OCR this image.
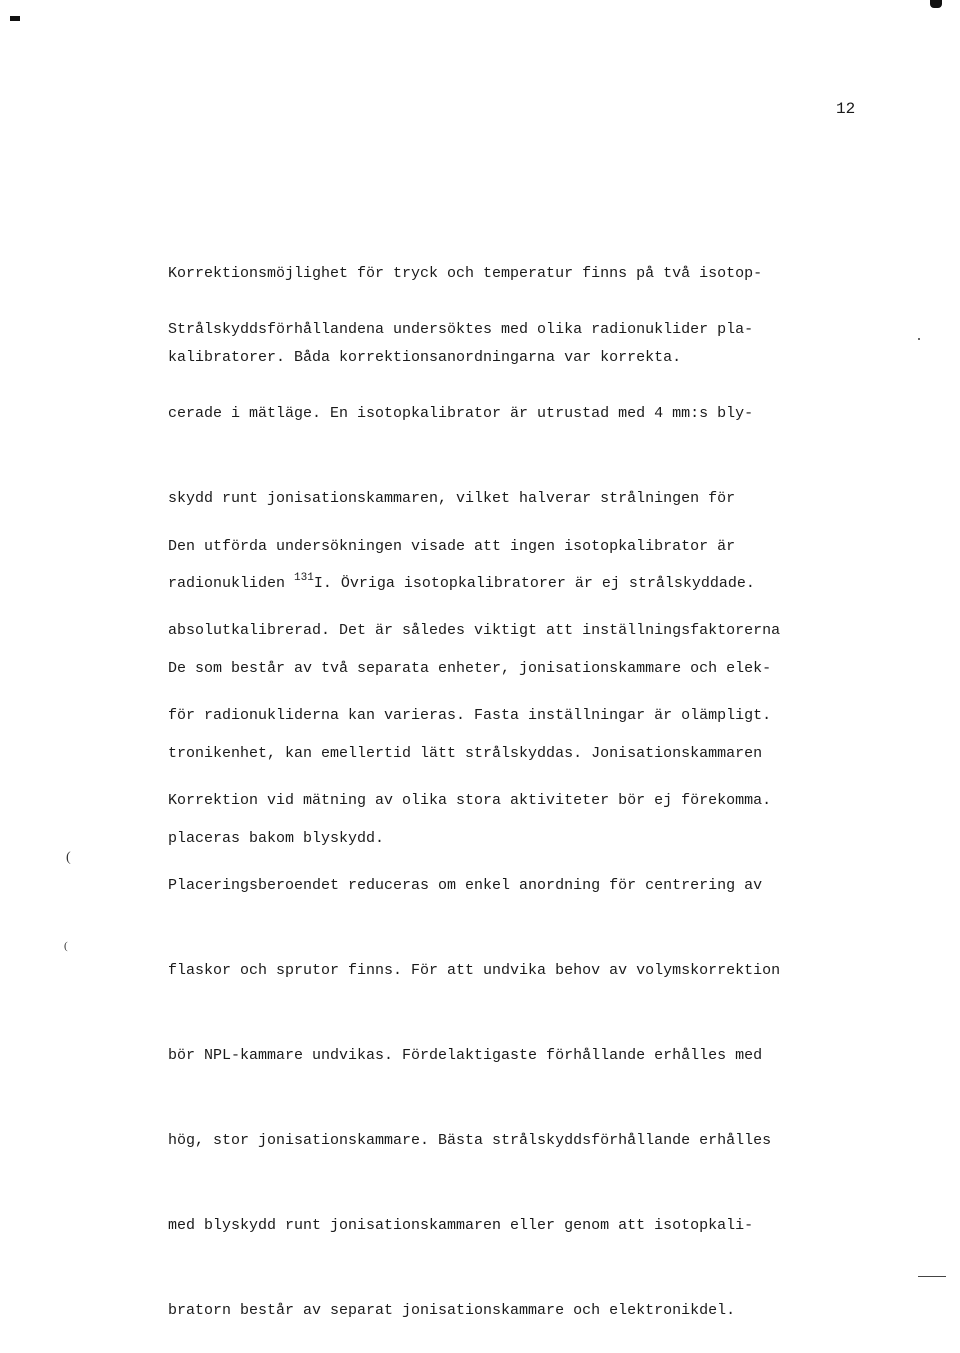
12

Korrektionsmöjlighet för tryck och temperatur finns på två isotop-

kalibratorer. Båda korrektionsanordningarna var korrekta.

Strålskyddsförhållandena undersöktes med olika radionuklider pla-

cerade i mätläge. En isotopkalibrator är utrustad med 4 mm:s bly-

skydd runt jonisationskammaren, vilket halverar strålningen för

radionukliden $^{131}$I. Övriga isotopkalibratorer är ej strålskyddade.

De som består av två separata enheter, jonisationskammare och elek-

tronikenhet, kan emellertid lätt strålskyddas. Jonisationskammaren

placeras bakom blyskydd.

Den utförda undersökningen visade att ingen isotopkalibrator är

absolutkalibrerad. Det är således viktigt att inställningsfaktorerna

för radionukliderna kan varieras. Fasta inställningar är olämpligt.

Korrektion vid mätning av olika stora aktiviteter bör ej förekomma.

Placeringsberoendet reduceras om enkel anordning för centrering av

flaskor och sprutor finns. För att undvika behov av volymskorrektion

bör NPL-kammare undvikas. Fördelaktigaste förhållande erhålles med

hög, stor jonisationskammare. Bästa strålskyddsförhållande erhålles

med blyskydd runt jonisationskammaren eller genom att isotopkali-

bratorn består av separat jonisationskammare och elektronikdel.

(
(
